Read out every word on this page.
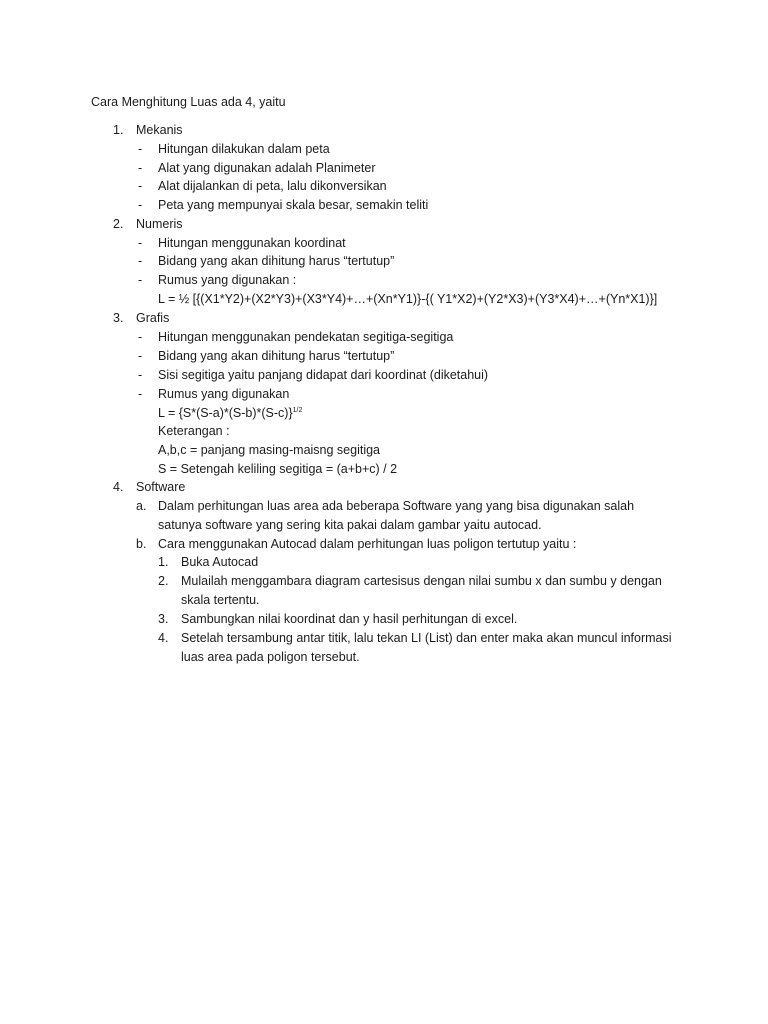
Cara Menghitung Luas ada 4, yaitu
1. Mekanis
- Hitungan dilakukan dalam peta
- Alat yang digunakan adalah Planimeter
- Alat dijalankan di peta, lalu dikonversikan
- Peta yang mempunyai skala besar, semakin teliti
2. Numeris
- Hitungan menggunakan koordinat
- Bidang yang akan dihitung harus “tertutup”
- Rumus yang digunakan :
L = ½ [{(X1*Y2)+(X2*Y3)+(X3*Y4)+…+(Xn*Y1)}-{( Y1*X2)+(Y2*X3)+(Y3*X4)+…+(Yn*X1)}]
3. Grafis
- Hitungan menggunakan pendekatan segitiga-segitiga
- Bidang yang akan dihitung harus “tertutup”
- Sisi segitiga yaitu panjang didapat dari koordinat (diketahui)
- Rumus yang digunakan
$L = \{S*(S-a)*(S-b)*(S-c)\}^{1/2}$
Keterangan :
A,b,c = panjang masing-maisng segitiga
S = Setengah keliling segitiga = (a+b+c) / 2
4. Software
a. Dalam perhitungan luas area ada beberapa Software yang yang bisa digunakan salah
satunya software yang sering kita pakai dalam gambar yaitu autocad.
b. Cara menggunakan Autocad dalam perhitungan luas poligon tertutup yaitu :
1. Buka Autocad
2. Mulailah menggambara diagram cartesisus dengan nilai sumbu x dan sumbu y dengan
skala tertentu.
3. Sambungkan nilai koordinat dan y hasil perhitungan di excel.
4. Setelah tersambung antar titik, lalu tekan LI (List) dan enter maka akan muncul informasi
luas area pada poligon tersebut.
